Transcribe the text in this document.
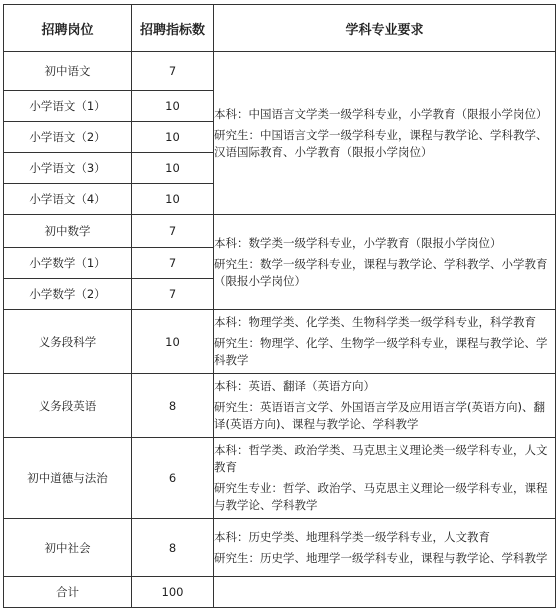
招聘岗位	招聘指标数	学科专业要求
初中语文	7	本科：中国语言文学类一级学科专业，小学教育（限报小学岗位）

研究生：中国语言文学一级学科专业，课程与教学论、学科教学、汉语国际教育、小学教育（限报小学岗位）

小学语文（1）	10	
小学语文（2）	10	
小学语文（3）	10	
小学语文（4）	10	
初中数学	7	本科：数学类一级学科专业，小学教育（限报小学岗位）

研究生：数学一级学科专业，课程与教学论、学科教学、小学教育（限报小学岗位）

小学数学（1）	7	
小学数学（2）	7	
义务段科学	10	本科：物理学类、化学类、生物科学类一级学科专业，科学教育

研究生：物理学、化学、生物学一级学科专业，课程与教学论、学科教学

义务段英语	8	本科：英语、翻译（英语方向）

研究生：英语语言文学、外国语言学及应用语言学(英语方向)、翻译(英语方向)、课程与教学论、学科教学

初中道德与法治	6	本科：哲学类、政治学类、马克思主义理论类一级学科专业，人文教育

研究生专业：哲学、政治学、马克思主义理论一级学科专业，课程与教学论、学科教学

初中社会	8	本科：历史学类、地理科学类一级学科专业，人文教育

研究生：历史学、地理学一级学科专业，课程与教学论、学科教学

合计	100	
